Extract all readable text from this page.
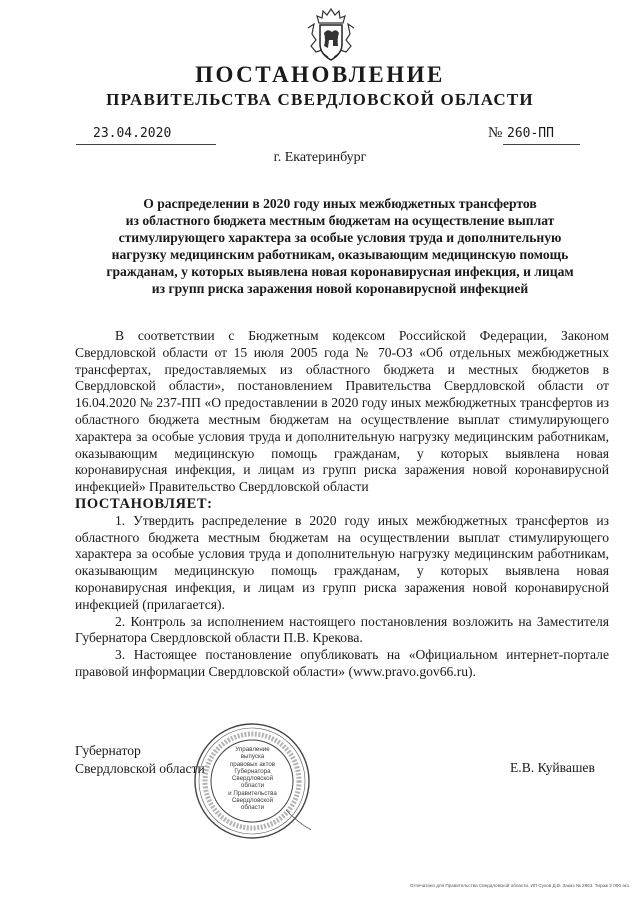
ПОСТАНОВЛЕНИЕ
ПРАВИТЕЛЬСТВА СВЕРДЛОВСКОЙ ОБЛАСТИ
23.04.2020	№ 260-ПП
г. Екатеринбург
О распределении в 2020 году иных межбюджетных трансфертов
из областного бюджета местным бюджетам на осуществление выплат
стимулирующего характера за особые условия труда и дополнительную
нагрузку медицинским работникам, оказывающим медицинскую помощь
гражданам, у которых выявлена новая коронавирусная инфекция, и лицам
из групп риска заражения новой коронавирусной инфекцией

В соответствии с Бюджетным кодексом Российской Федерации, Законом Свердловской области от 15 июля 2005 года № 70-ОЗ «Об отдельных межбюджетных трансфертах, предоставляемых из областного бюджета и местных бюджетов в Свердловской области», постановлением Правительства Свердловской области от 16.04.2020 № 237-ПП «О предоставлении в 2020 году иных межбюджетных трансфертов из областного бюджета местным бюджетам на осуществление выплат стимулирующего характера за особые условия труда и дополнительную нагрузку медицинским работникам, оказывающим медицинскую помощь гражданам, у которых выявлена новая коронавирусная инфекция, и лицам из групп риска заражения новой коронавирусной инфекцией» Правительство Свердловской области

ПОСТАНОВЛЯЕТ:

1. Утвердить распределение в 2020 году иных межбюджетных трансфертов из областного бюджета местным бюджетам на осуществлении выплат стимулирующего характера за особые условия труда и дополнительную нагрузку медицинским работникам, оказывающим медицинскую помощь гражданам, у которых выявлена новая коронавирусная инфекция, и лицам из групп риска заражения новой коронавирусной инфекцией (прилагается).

2. Контроль за исполнением настоящего постановления возложить на Заместителя Губернатора Свердловской области П.В. Крекова.

3. Настоящее постановление опубликовать на «Официальном интернет-портале правовой информации Свердловской области» (www.pravo.gov66.ru).

Губернатор
Свердловской области	Е.В. Куйвашев
Управление
выпуска
правовых актов
Губернатора
Свердловской области
и Правительства
Свердловской
области
Отпечатано для Правительства Свердловской области. ИП Сухов Д.В. Заказ № 2863. Тираж 2 000 экз.
